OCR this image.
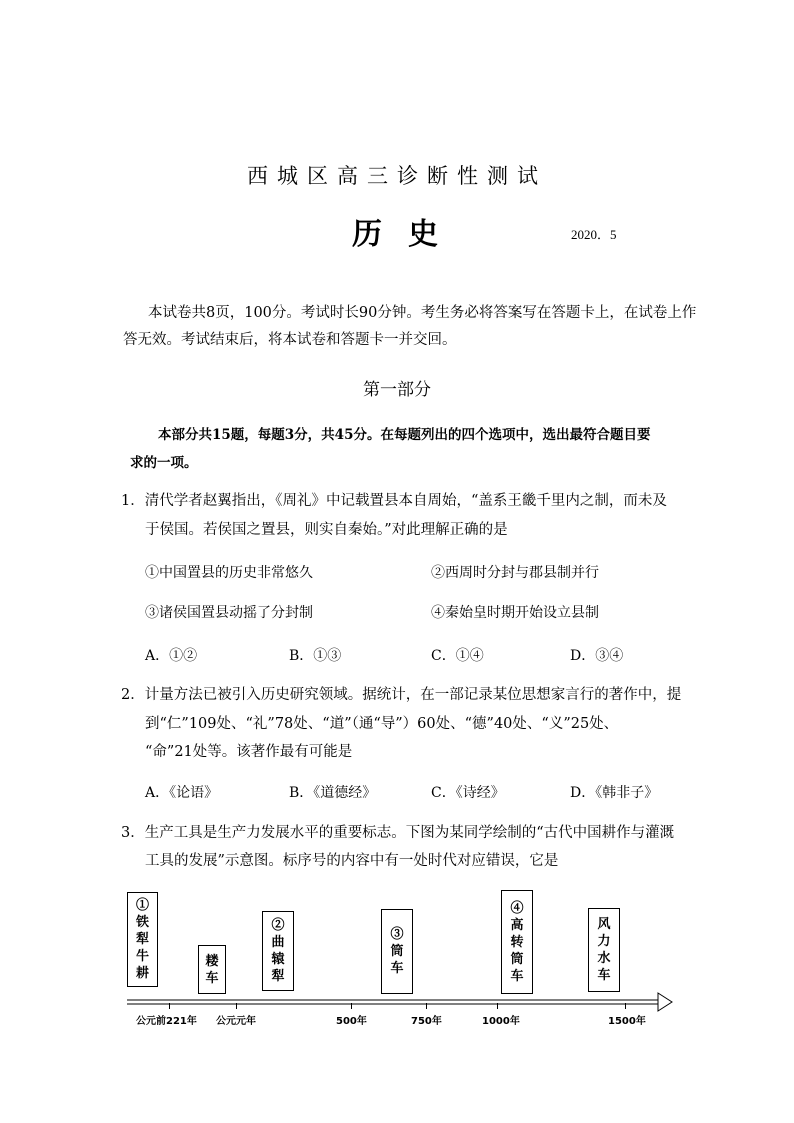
西城区高三诊断性测试
历史	2020．5
本试卷共8页，100分。考试时长90分钟。考生务必将答案写在答题卡上，在试卷上作
答无效。考试结束后，将本试卷和答题卡一并交回。
第一部分
本部分共15题，每题3分，共45分。在每题列出的四个选项中，选出最符合题目要
求的一项。
1．清代学者赵翼指出，《周礼》中记载置县本自周始，“盖系王畿千里内之制，而未及
于侯国。若侯国之置县，则实自秦始。”对此理解正确的是
①中国置县的历史非常悠久	②西周时分封与郡县制并行
③诸侯国置县动摇了分封制	④秦始皇时期开始设立县制
A．①②	B．①③	C．①④	D．③④
2．计量方法已被引入历史研究领域。据统计，在一部记录某位思想家言行的著作中，提
到“仁”109处、“礼”78处、“道”（通“导”）60处、“德”40处、“义”25处、
“命”21处等。该著作最有可能是
A．《论语》	B．《道德经》	C．《诗经》	D．《韩非子》
3．生产工具是生产力发展水平的重要标志。下图为某同学绘制的“古代中国耕作与灌溉
工具的发展”示意图。标序号的内容中有一处时代对应错误，它是
①铁犁牛耕
耧车
②曲辕犁
③筒车
④高转筒车
风力水车
公元前221年 公元元年	500年	750年	1000年	1500年
